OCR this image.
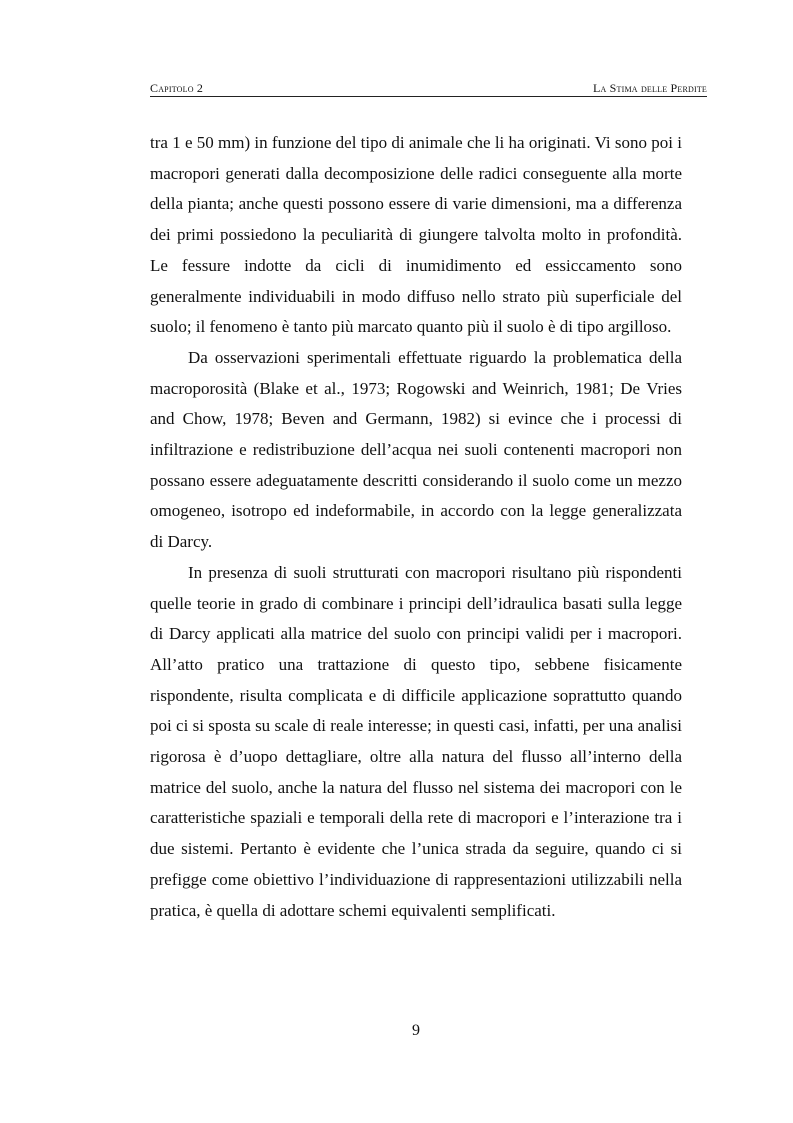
Capitolo 2	La Stima delle Perdite

tra 1 e 50 mm) in funzione del tipo di animale che li ha originati. Vi sono poi i macropori generati dalla decomposizione delle radici conseguente alla morte della pianta; anche questi possono essere di varie dimensioni, ma a differenza dei primi possiedono la peculiarità di giungere talvolta molto in profondità. Le fessure indotte da cicli di inumidimento ed essiccamento sono generalmente individuabili in modo diffuso nello strato più superficiale del suolo; il fenomeno è tanto più marcato quanto più il suolo è di tipo argilloso.

Da osservazioni sperimentali effettuate riguardo la problematica della macroporosità (Blake et al., 1973; Rogowski and Weinrich, 1981; De Vries and Chow, 1978; Beven and Germann, 1982) si evince che i processi di infiltrazione e redistribuzione dell’acqua nei suoli contenenti macropori non possano essere adeguatamente descritti considerando il suolo come un mezzo omogeneo, isotropo ed indeformabile, in accordo con la legge generalizzata di Darcy.

In presenza di suoli strutturati con macropori risultano più rispondenti quelle teorie in grado di combinare i principi dell’idraulica basati sulla legge di Darcy applicati alla matrice del suolo con principi validi per i macropori. All’atto pratico una trattazione di questo tipo, sebbene fisicamente rispondente, risulta complicata e di difficile applicazione soprattutto quando poi ci si sposta su scale di reale interesse; in questi casi, infatti, per una analisi rigorosa è d’uopo dettagliare, oltre alla natura del flusso all’interno della matrice del suolo, anche la natura del flusso nel sistema dei macropori con le caratteristiche spaziali e temporali della rete di macropori e l’interazione tra i due sistemi. Pertanto è evidente che l’unica strada da seguire, quando ci si prefigge come obiettivo l’individuazione di rappresentazioni utilizzabili nella pratica, è quella di adottare schemi equivalenti semplificati.

9
